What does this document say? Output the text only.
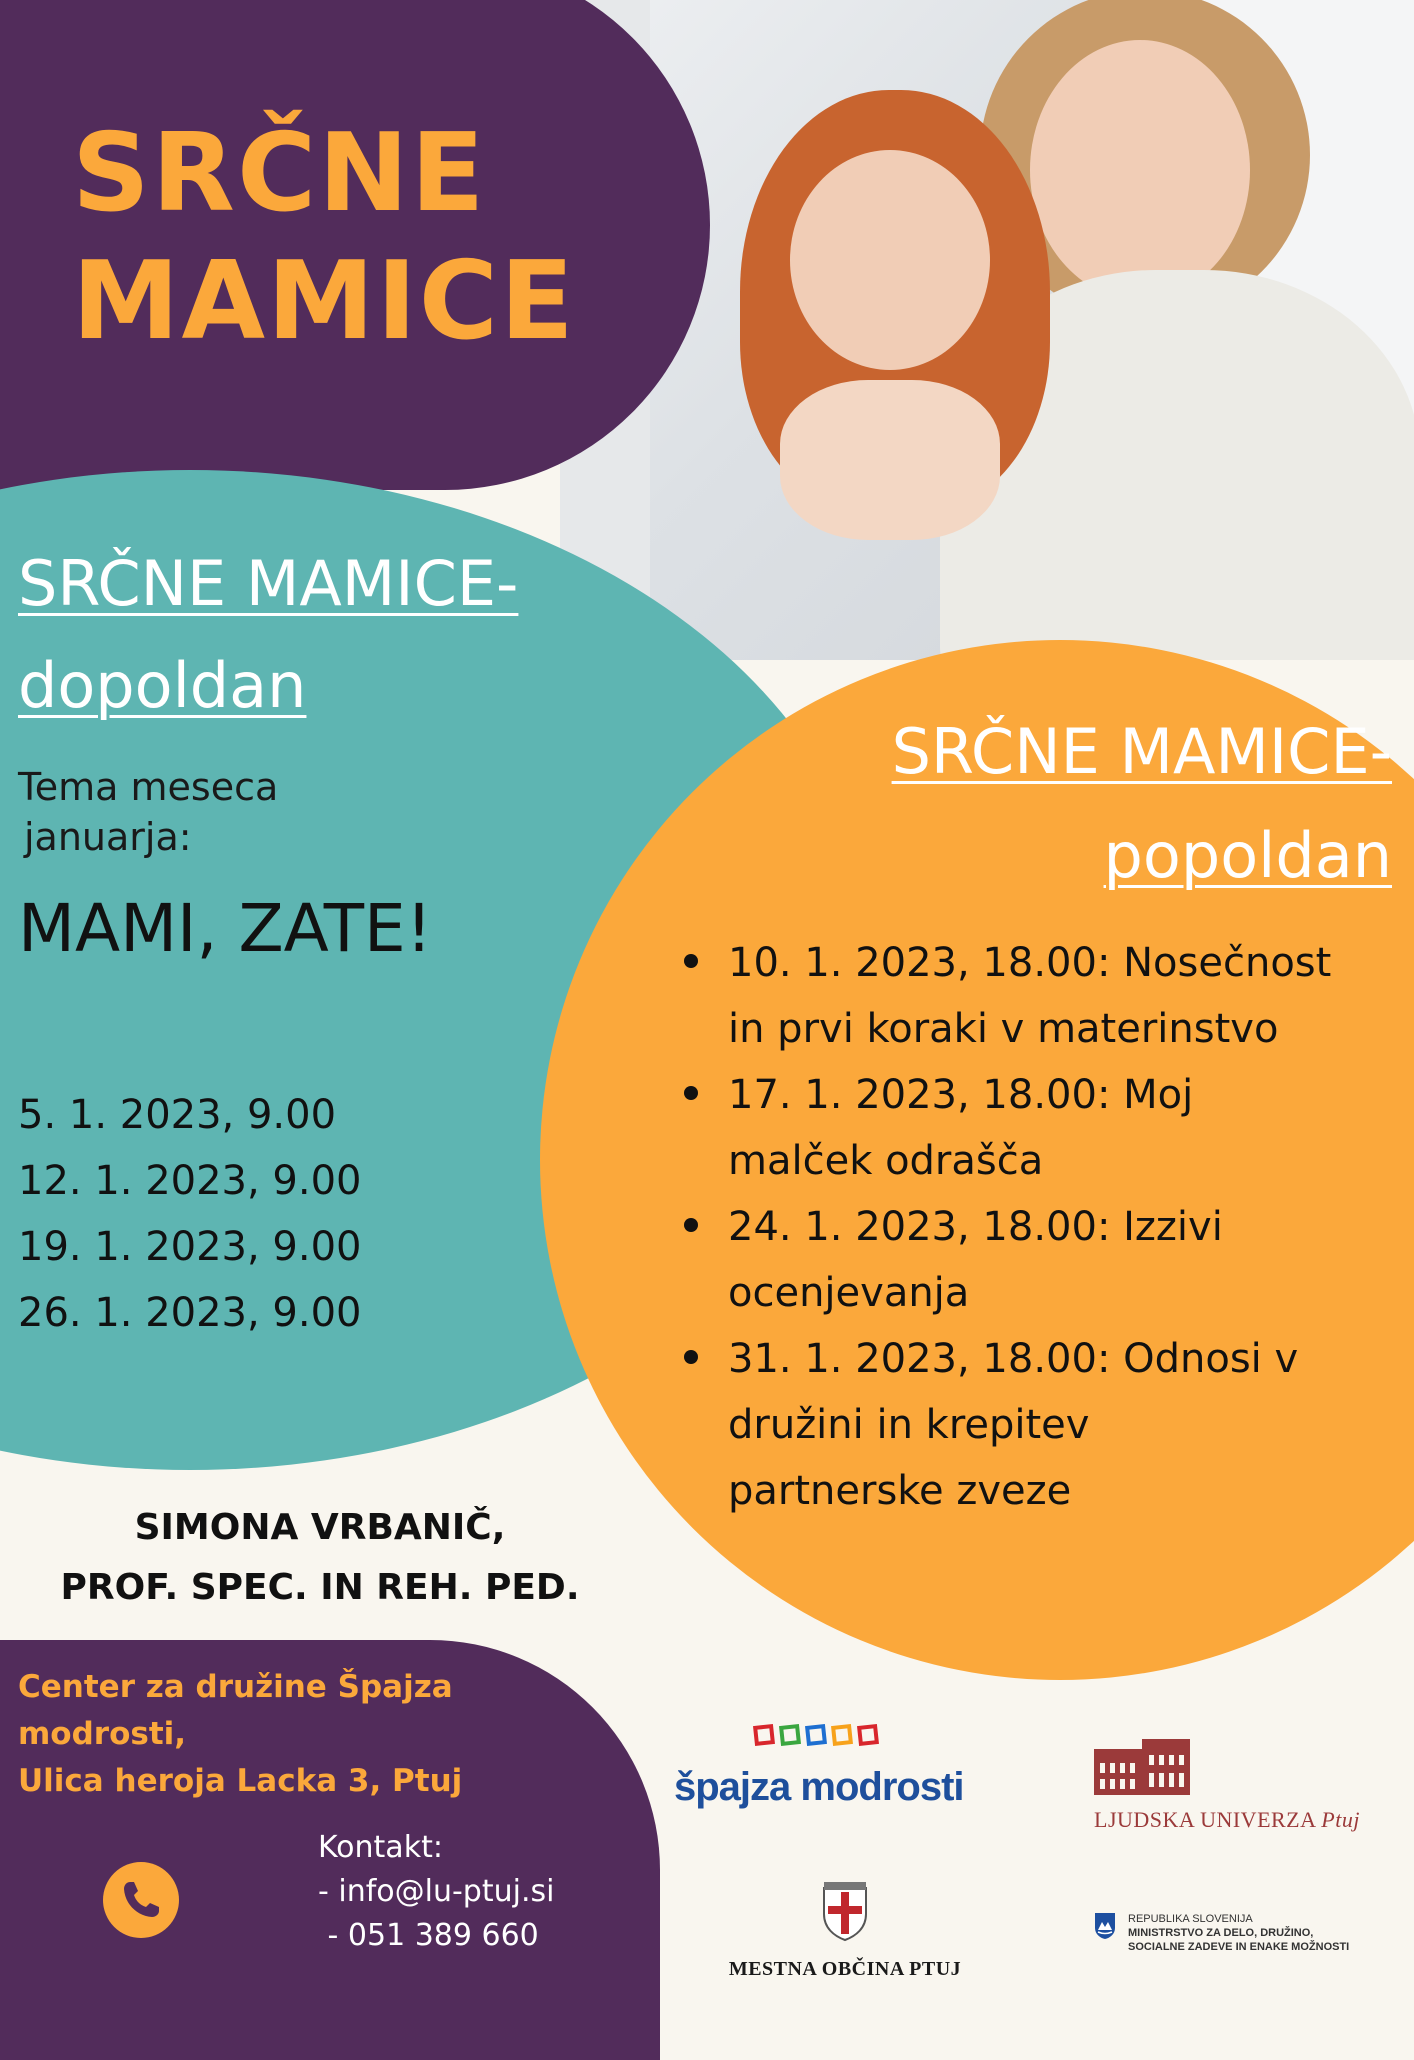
SRČNE
MAMICE
SRČNE MAMICE-
dopoldan
Tema meseca
januarja:
MAMI, ZATE!
5. 1. 2023, 9.00
12. 1. 2023, 9.00
19. 1. 2023, 9.00
26. 1. 2023, 9.00
SRČNE MAMICE-
popoldan
10. 1. 2023, 18.00: Nosečnost
in prvi koraki v materinstvo
17. 1. 2023, 18.00: Moj
malček odrašča
24. 1. 2023, 18.00: Izzivi
ocenjevanja
31. 1. 2023, 18.00: Odnosi v
družini in krepitev
partnerske zveze
SIMONA VRBANIČ,
PROF. SPEC. IN REH. PED.
Center za družine Špajza
modrosti,
Ulica heroja Lacka 3, Ptuj
Kontakt:
- info@lu-ptuj.si
- 051 389 660
špajza modrosti
LJUDSKA UNIVERZA Ptuj
MESTNA OBČINA PTUJ
REPUBLIKA SLOVENIJA
MINISTRSTVO ZA DELO, DRUŽINO,
SOCIALNE ZADEVE IN ENAKE MOŽNOSTI
